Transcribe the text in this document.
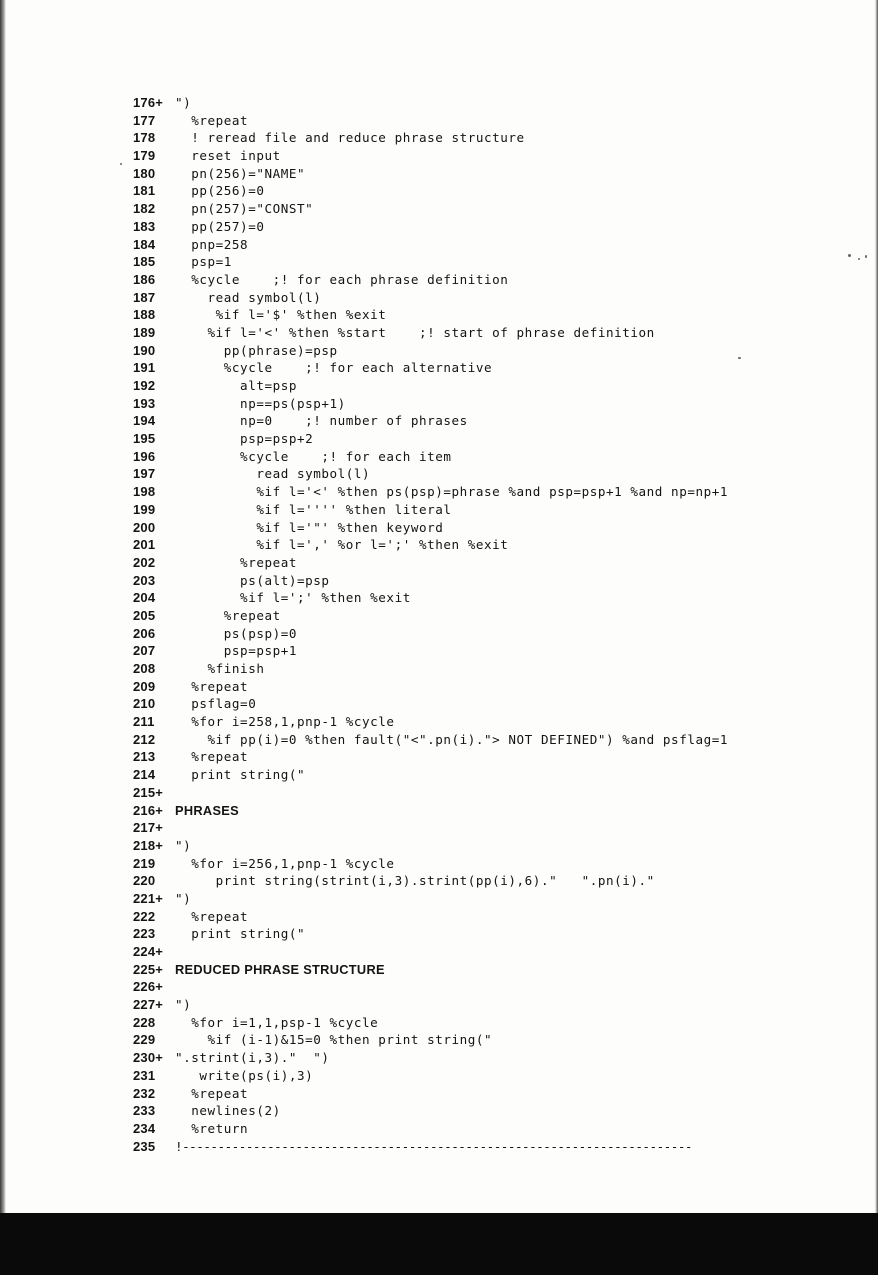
176+ ")
177	%repeat
178	! reread file and reduce phrase structure
179	reset input
180	pn(256)="NAME"
181	pp(256)=0
182	pn(257)="CONST"
183	pp(257)=0
184	pnp=258
185	psp=1
186	%cycle    ;! for each phrase definition
187	read symbol(l)
188	%if l='$' %then %exit
189	%if l='<' %then %start    ;! start of phrase definition
190	pp(phrase)=psp
191	%cycle    ;! for each alternative
192	alt=psp
193	np==ps(psp+1)
194	np=0    ;! number of phrases
195	psp=psp+2
196	%cycle    ;! for each item
197	read symbol(l)
198	%if l='<' %then ps(psp)=phrase %and psp=psp+1 %and np=np+1
199	%if l='''' %then literal
200	%if l='"' %then keyword
201	%if l=',' %or l=';' %then %exit
202	%repeat
203	ps(alt)=psp
204	%if l=';' %then %exit
205	%repeat
206	ps(psp)=0
207	psp=psp+1
208	%finish
209	%repeat
210	psflag=0
211	%for i=258,1,pnp-1 %cycle
212	%if pp(i)=0 %then fault("<".pn(i)."> NOT DEFINED") %and psflag=1
213	%repeat
214	print string("
215+
216+ PHRASES
217+
218+ ")
219	%for i=256,1,pnp-1 %cycle
220	print string(strint(i,3).strint(pp(i),6)."   ".pn(i)."
221+ ")
222	%repeat
223	print string("
224+
225+ REDUCED PHRASE STRUCTURE
226+
227+ ")
228	%for i=1,1,psp-1 %cycle
229	%if (i-1)&15=0 %then print string("
230+ ".strint(i,3)."  ")
231	write(ps(i),3)
232	%repeat
233	newlines(2)
234	%return
235	!------------------------------------------------------------------------
